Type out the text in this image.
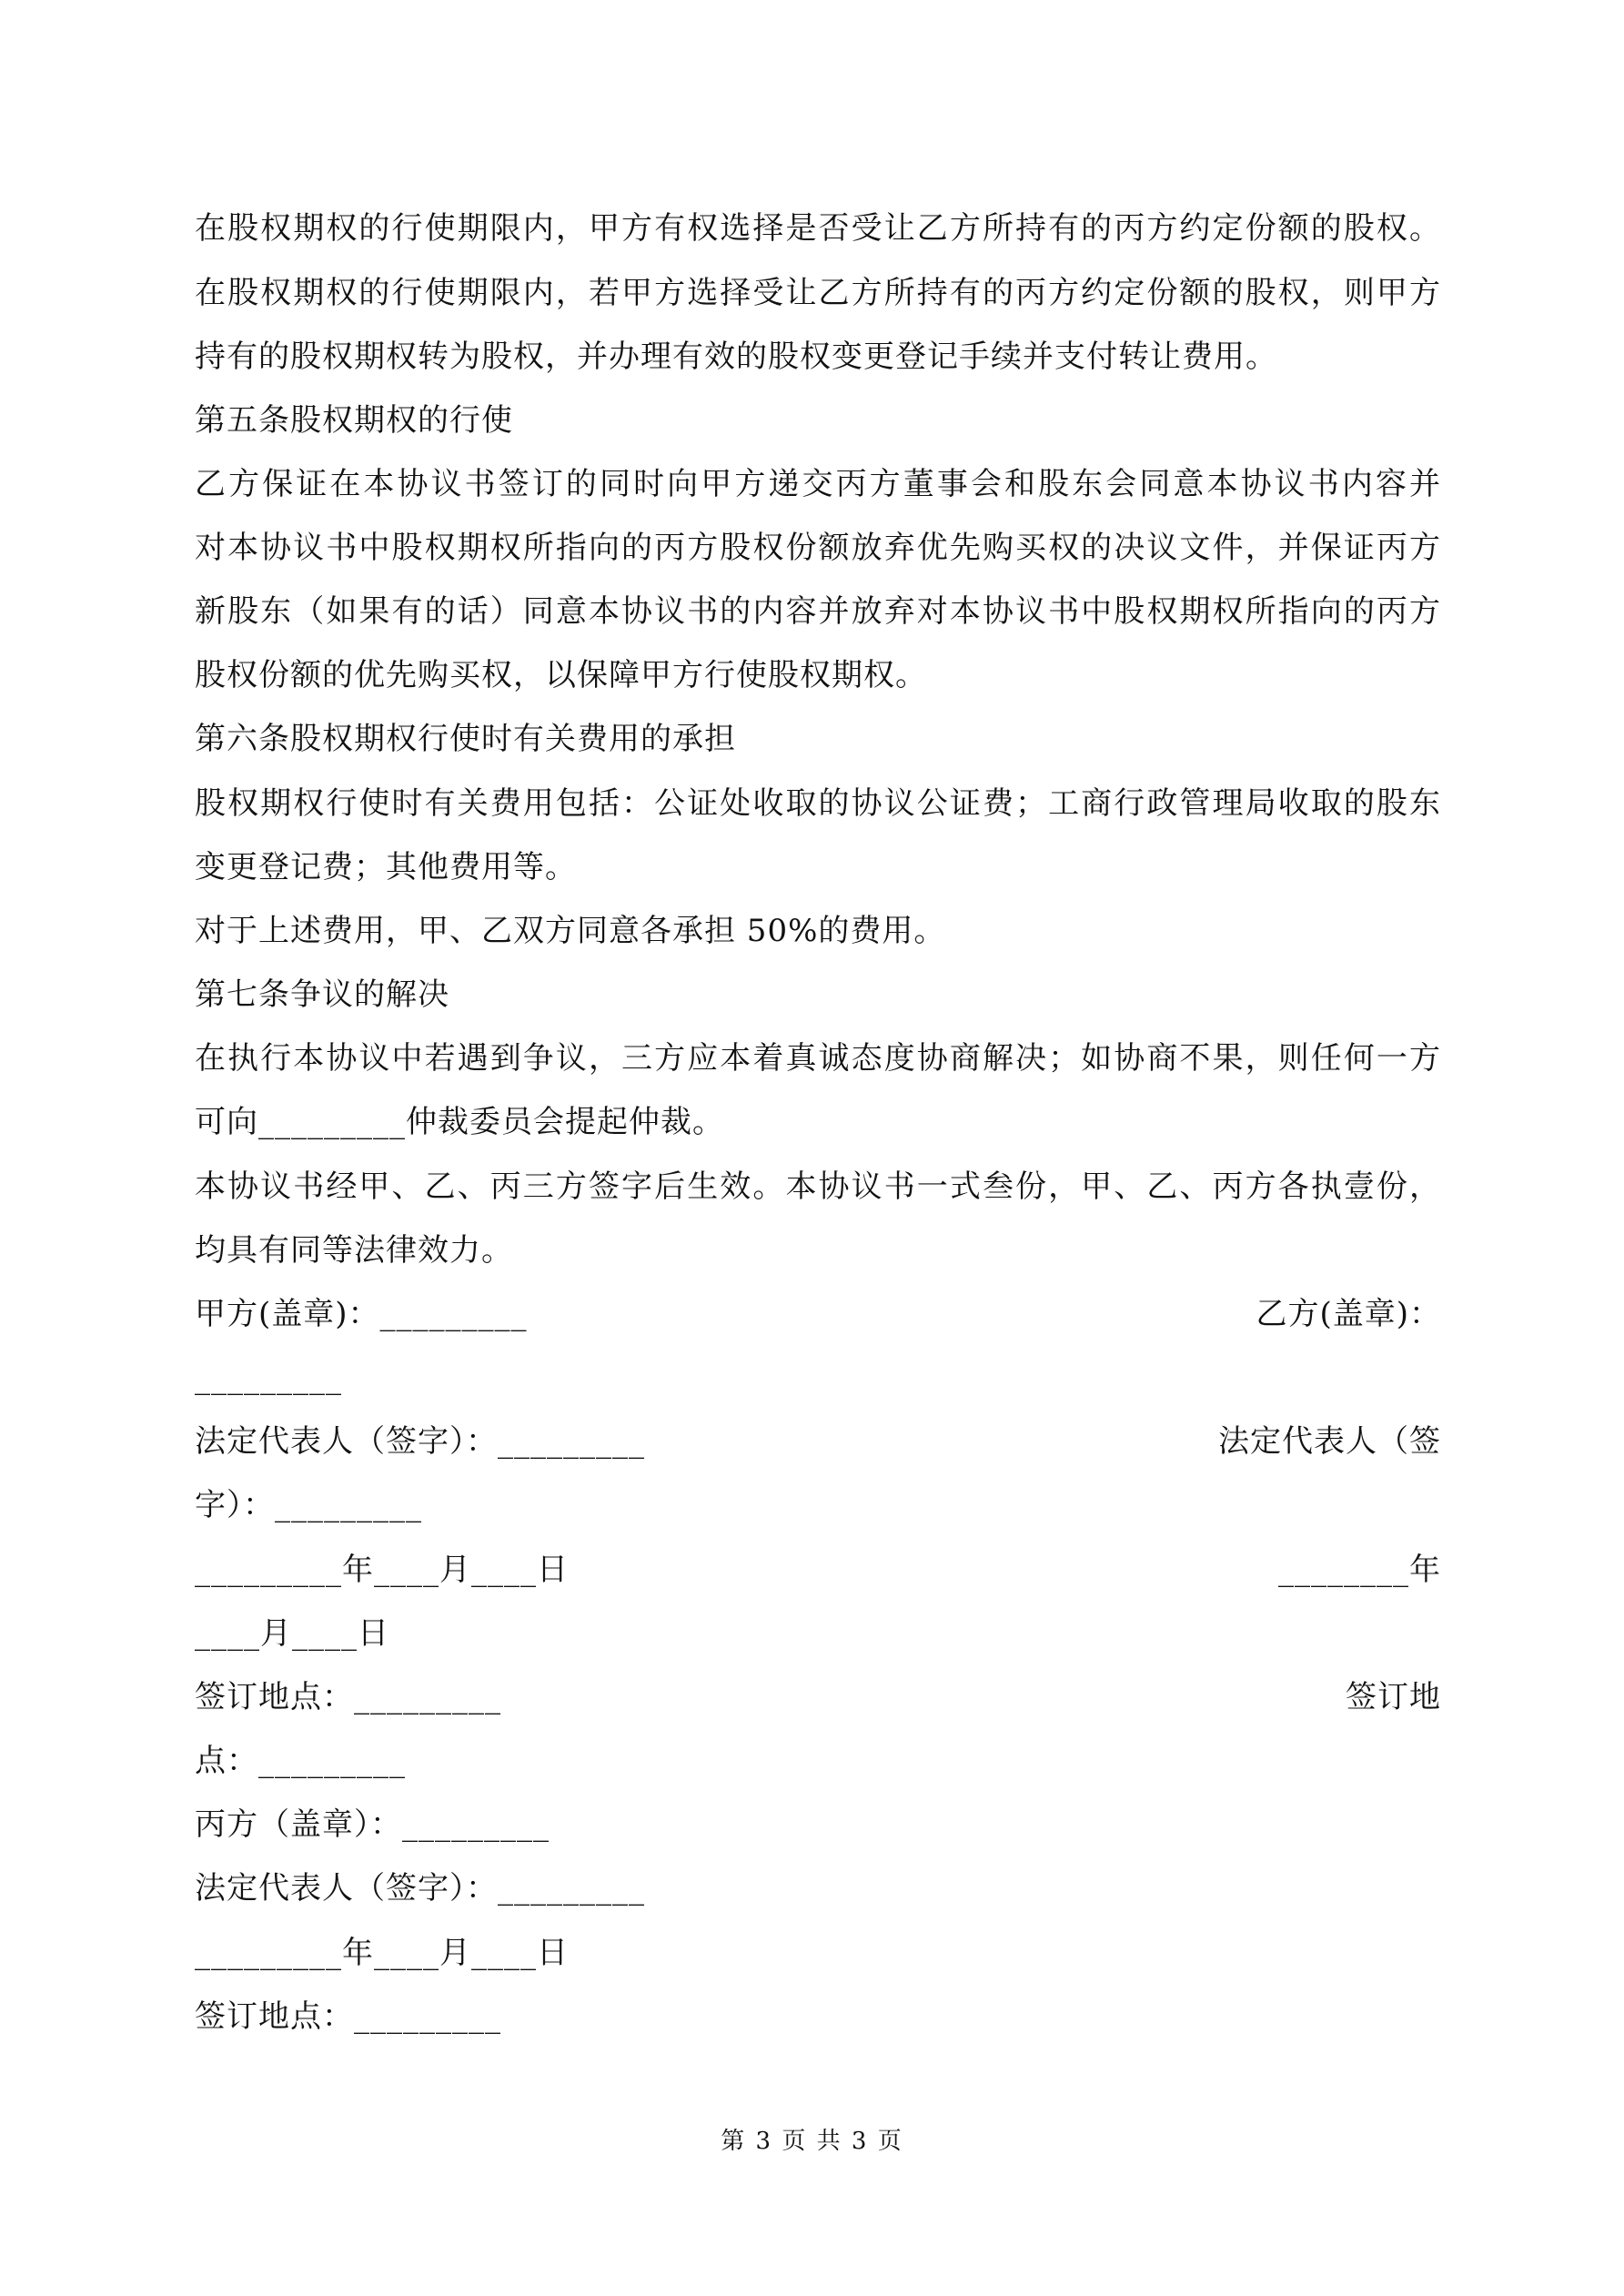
在股权期权的行使期限内，甲方有权选择是否受让乙方所持有的丙方约定份额的股权。
在股权期权的行使期限内，若甲方选择受让乙方所持有的丙方约定份额的股权，则甲方
持有的股权期权转为股权，并办理有效的股权变更登记手续并支付转让费用。
第五条股权期权的行使
乙方保证在本协议书签订的同时向甲方递交丙方董事会和股东会同意本协议书内容并
对本协议书中股权期权所指向的丙方股权份额放弃优先购买权的决议文件，并保证丙方
新股东（如果有的话）同意本协议书的内容并放弃对本协议书中股权期权所指向的丙方
股权份额的优先购买权，以保障甲方行使股权期权。
第六条股权期权行使时有关费用的承担
股权期权行使时有关费用包括：公证处收取的协议公证费；工商行政管理局收取的股东
变更登记费；其他费用等。
对于上述费用，甲、乙双方同意各承担 50%的费用。
第七条争议的解决
在执行本协议中若遇到争议，三方应本着真诚态度协商解决；如协商不果，则任何一方
可向_________仲裁委员会提起仲裁。
本协议书经甲、乙、丙三方签字后生效。本协议书一式叁份，甲、乙、丙方各执壹份，
均具有同等法律效力。
甲方(盖章)：_________	乙方(盖章)：
_________
法定代表人（签字）：_________	法定代表人（签
字）：_________
_________年____月____日	________年
____月____日
签订地点：_________	签订地
点：_________
丙方（盖章）：_________
法定代表人（签字）：_________
_________年____月____日
签订地点：_________
第 3 页 共 3 页
